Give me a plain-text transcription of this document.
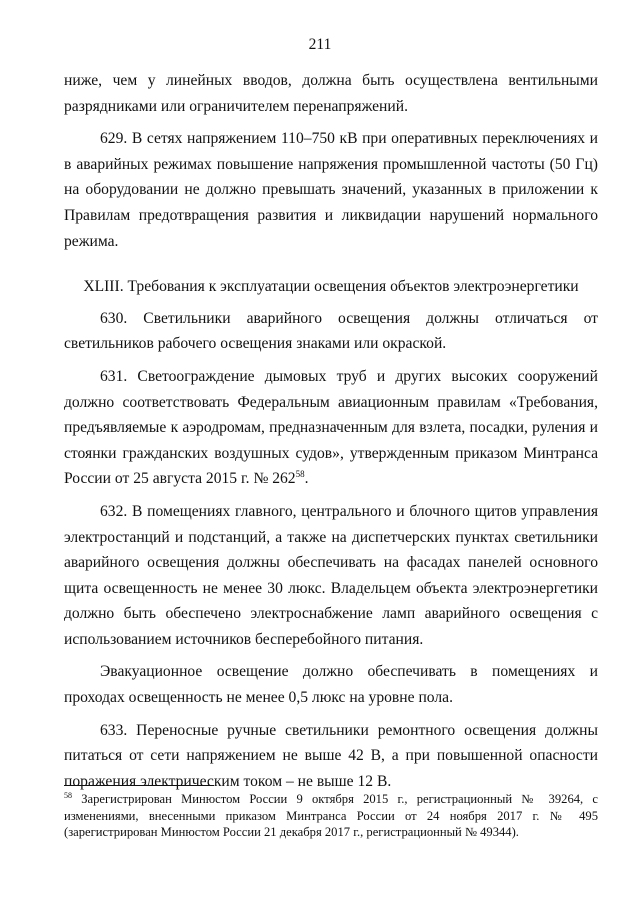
211

ниже, чем у линейных вводов, должна быть осуществлена вентильными разрядниками или ограничителем перенапряжений.

629. В сетях напряжением 110–750 кВ при оперативных переключениях и в аварийных режимах повышение напряжения промышленной частоты (50 Гц) на оборудовании не должно превышать значений, указанных в приложении к Правилам предотвращения развития и ликвидации нарушений нормального режима.

XLIII. Требования к эксплуатации освещения объектов электроэнергетики

630. Светильники аварийного освещения должны отличаться от светильников рабочего освещения знаками или окраской.

631. Светоограждение дымовых труб и других высоких сооружений должно соответствовать Федеральным авиационным правилам «Требования, предъявляемые к аэродромам, предназначенным для взлета, посадки, руления и стоянки гражданских воздушных судов», утвержденным приказом Минтранса России от 25 августа 2015 г. № $262^{58}$.

632. В помещениях главного, центрального и блочного щитов управления электростанций и подстанций, а также на диспетчерских пунктах светильники аварийного освещения должны обеспечивать на фасадах панелей основного щита освещенность не менее 30 люкс. Владельцем объекта электроэнергетики должно быть обеспечено электроснабжение ламп аварийного освещения с использованием источников бесперебойного питания.

Эвакуационное освещение должно обеспечивать в помещениях и проходах освещенность не менее 0,5 люкс на уровне пола.

633. Переносные ручные светильники ремонтного освещения должны питаться от сети напряжением не выше 42 В, а при повышенной опасности поражения электрическим током – не выше 12 В.

$^{58}$ Зарегистрирован Минюстом России 9 октября 2015 г., регистрационный № 39264, с изменениями, внесенными приказом Минтранса России от 24 ноября 2017 г. № 495 (зарегистрирован Минюстом России 21 декабря 2017 г., регистрационный № 49344).
